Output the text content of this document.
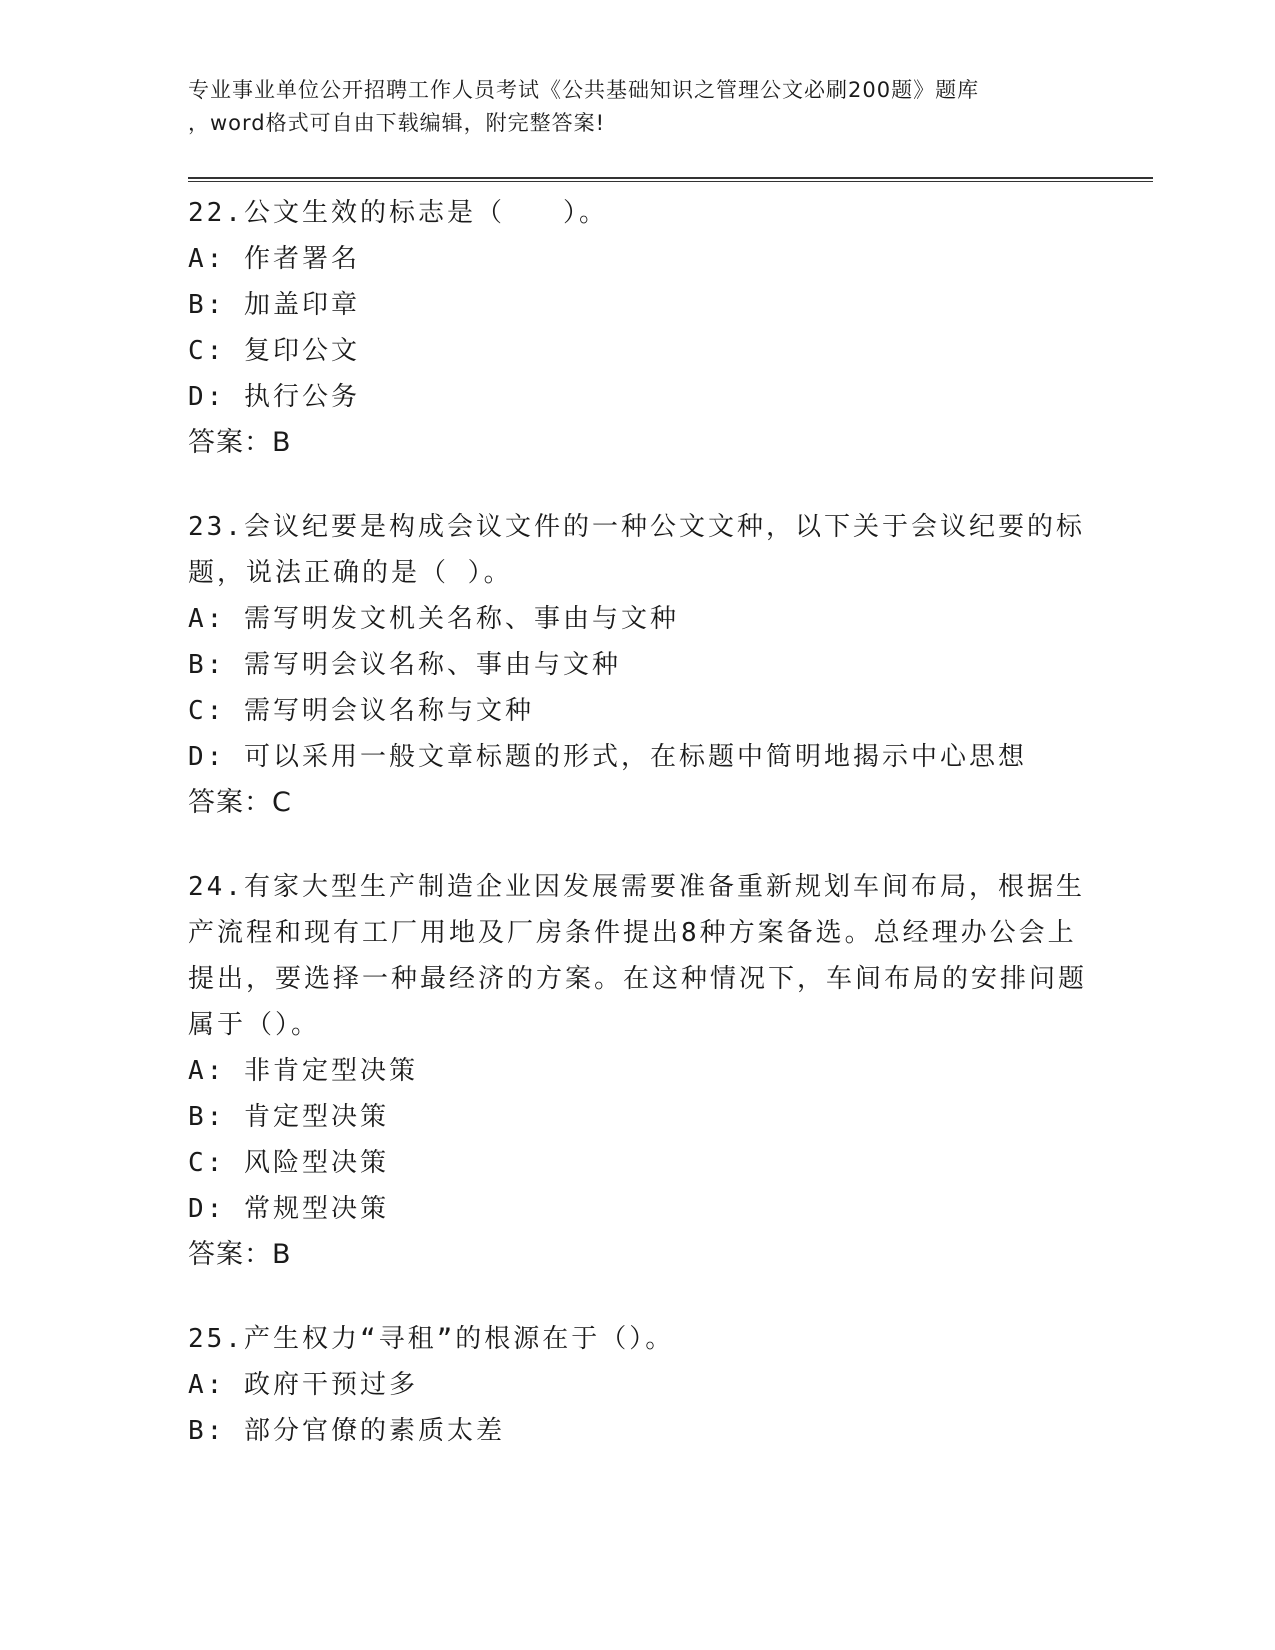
专业事业单位公开招聘工作人员考试《公共基础知识之管理公文必刷200题》题库
，word格式可自由下载编辑，附完整答案!
22.公文生效的标志是（　　）。
A: 作者署名
B: 加盖印章
C: 复印公文
D: 执行公务
答案：B
23.会议纪要是构成会议文件的一种公文文种，以下关于会议纪要的标题，说法正确的是（ ）。
A: 需写明发文机关名称、事由与文种
B: 需写明会议名称、事由与文种
C: 需写明会议名称与文种
D: 可以采用一般文章标题的形式，在标题中简明地揭示中心思想
答案：C
24.有家大型生产制造企业因发展需要准备重新规划车间布局，根据生产流程和现有工厂用地及厂房条件提出8种方案备选。总经理办公会上提出，要选择一种最经济的方案。在这种情况下，车间布局的安排问题属于（）。
A: 非肯定型决策
B: 肯定型决策
C: 风险型决策
D: 常规型决策
答案：B
25.产生权力“寻租”的根源在于（）。
A: 政府干预过多
B: 部分官僚的素质太差
